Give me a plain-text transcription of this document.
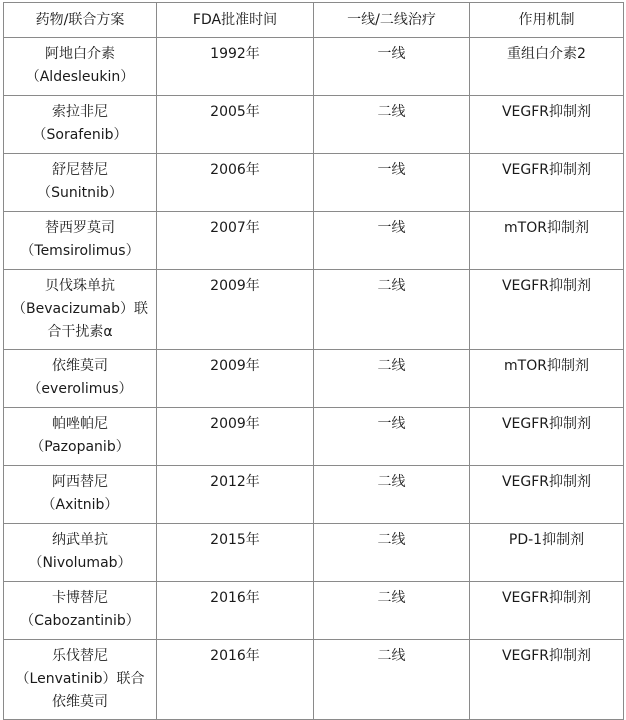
药物/联合方案	FDA批准时间	一线/二线治疗	作用机制

阿地白介素
（Aldesleukin）	1992年	一线	重组白介素2

索拉非尼
（Sorafenib）	2005年	二线	VEGFR抑制剂

舒尼替尼
（Sunitnib）	2006年	一线	VEGFR抑制剂

替西罗莫司
（Temsirolimus）	2007年	一线	mTOR抑制剂

贝伐珠单抗
（Bevacizumab）联
合干扰素α	2009年	二线	VEGFR抑制剂

依维莫司
（everolimus）	2009年	二线	mTOR抑制剂

帕唑帕尼
（Pazopanib）	2009年	一线	VEGFR抑制剂

阿西替尼
（Axitnib）	2012年	二线	VEGFR抑制剂

纳武单抗
（Nivolumab）	2015年	二线	PD-1抑制剂

卡博替尼
（Cabozantinib）	2016年	二线	VEGFR抑制剂

乐伐替尼
（Lenvatinib）联合
依维莫司	2016年	二线	VEGFR抑制剂
